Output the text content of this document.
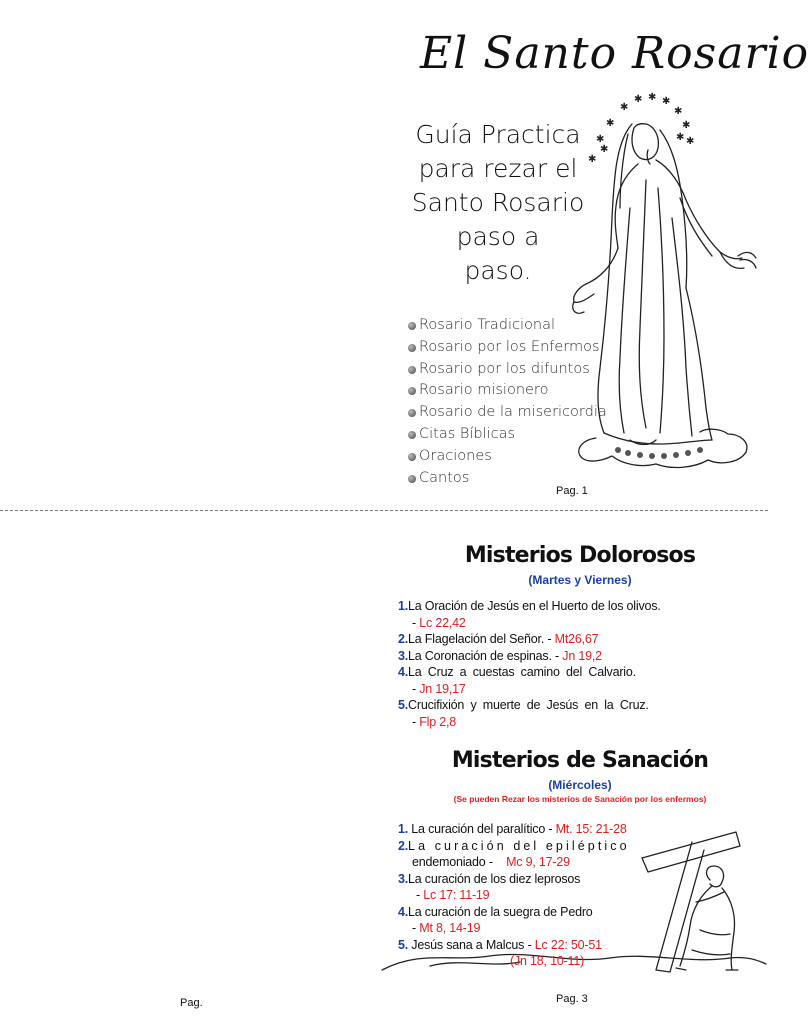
El Santo Rosario
Guía Practica
para rezar el
Santo Rosario
paso a
paso.
✱
✱
✱
✱
✱ ✱ ✱
✱
✱
✱
✱
✱
Rosario Tradicional
Rosario por los Enfermos
Rosario por los difuntos
Rosario misionero
Rosario de la misericordia
Citas Bíblicas
Oraciones
Cantos
Pag. 1
Misterios Dolorosos
(Martes y Viernes)
1.La Oración de Jesús en el Huerto de los olivos.
- Lc 22,42
2.La Flagelación del Señor. - Mt26,67
3.La Coronación de espinas. - Jn 19,2
4.La Cruz a cuestas camino del Calvario.
- Jn 19,17
5.Crucifixión y muerte de Jesús en la Cruz.
- Flp 2,8
Misterios de Sanación
(Miércoles)
(Se pueden Rezar los misterios de Sanación por los enfermos)
1. La curación del paralítico - Mt. 15: 21-28
2.La curación del epiléptico
endemoniado - Mc 9, 17-29
3.La curación de los diez leprosos
- Lc 17: 11-19
4.La curación de la suegra de Pedro
- Mt 8, 14-19
5. Jesús sana a Malcus - Lc 22: 50-51
(Jn 18, 10-11)
Pag.	Pag. 3
